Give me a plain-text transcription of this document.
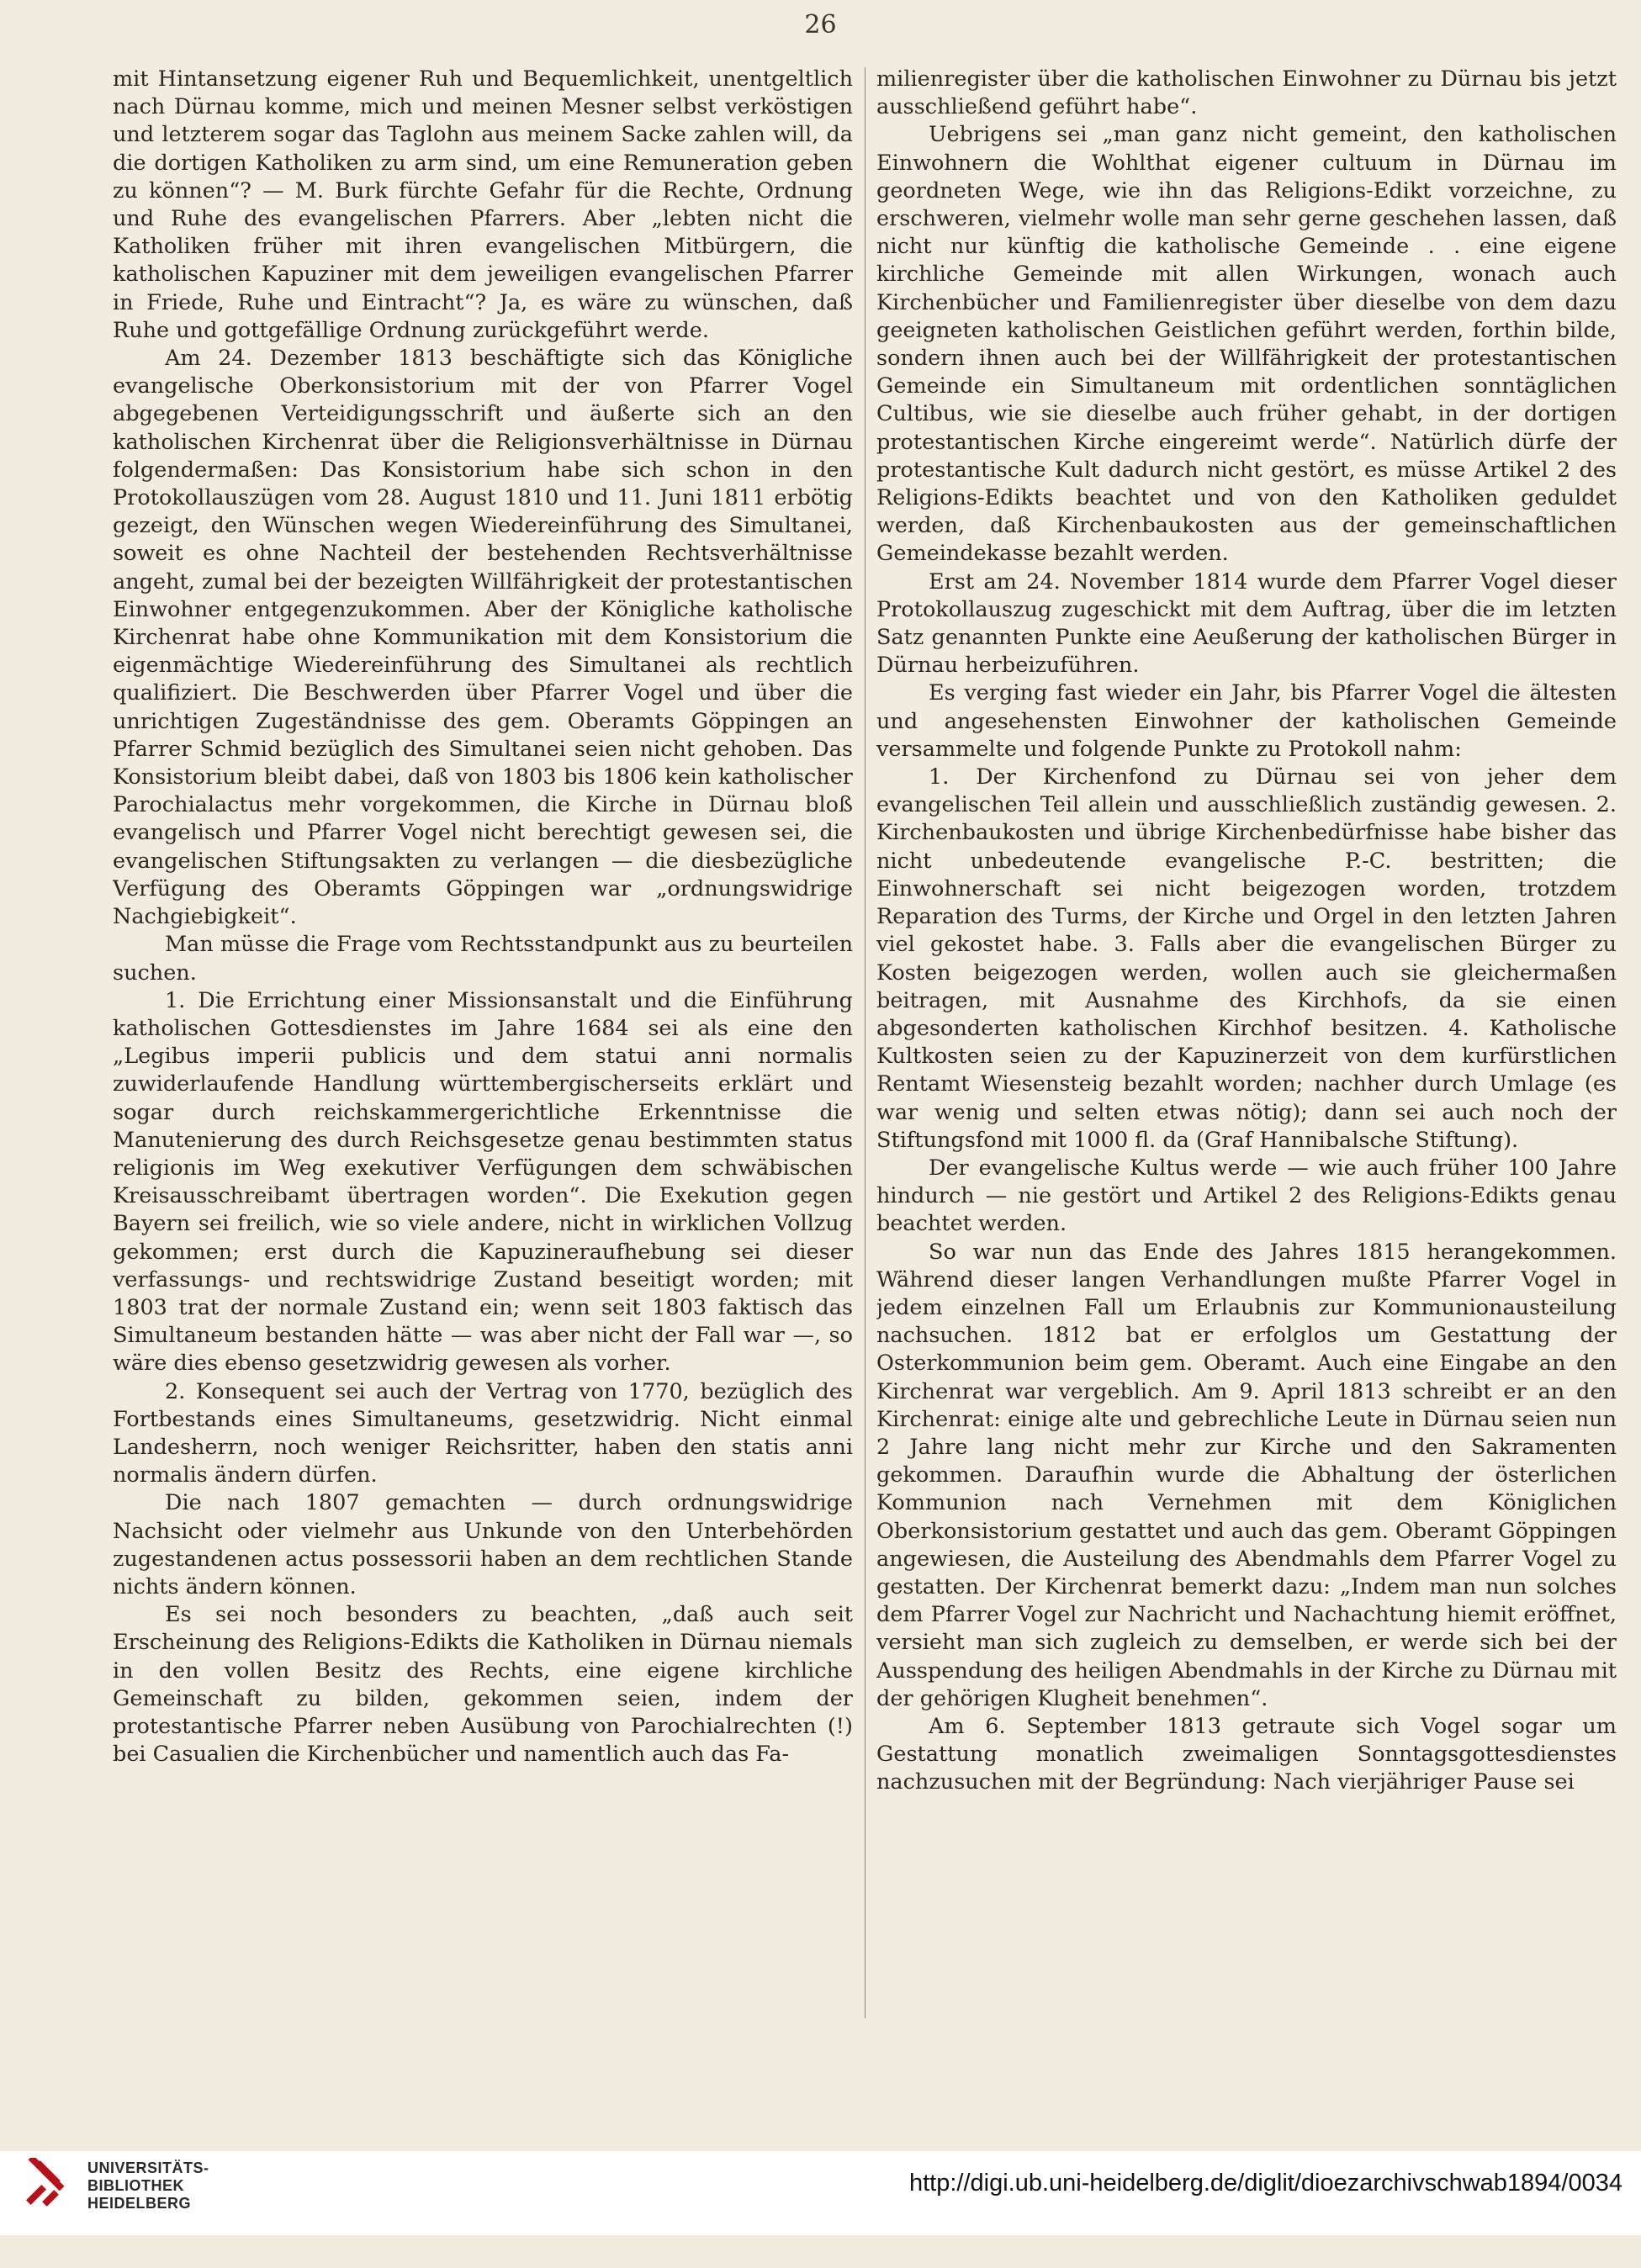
26

mit Hintansetzung eigener Ruh und Bequemlichkeit, unentgeltlich nach Dürnau komme, mich und meinen Mesner selbst verköstigen und letzterem sogar das Taglohn aus meinem Sacke zahlen will, da die dortigen Katholiken zu arm sind, um eine Remuneration geben zu können“? — M. Burk fürchte Gefahr für die Rechte, Ordnung und Ruhe des evangelischen Pfarrers. Aber „lebten nicht die Katholiken früher mit ihren evangelischen Mitbürgern, die katholischen Kapuziner mit dem jeweiligen evangelischen Pfarrer in Friede, Ruhe und Eintracht“? Ja, es wäre zu wünschen, daß Ruhe und gottgefällige Ordnung zurückgeführt werde.

Am 24. Dezember 1813 beschäftigte sich das Königliche evangelische Oberkonsistorium mit der von Pfarrer Vogel abgegebenen Verteidigungsschrift und äußerte sich an den katholischen Kirchenrat über die Religionsverhältnisse in Dürnau folgendermaßen: Das Konsistorium habe sich schon in den Protokollauszügen vom 28. August 1810 und 11. Juni 1811 erbötig gezeigt, den Wünschen wegen Wiedereinführung des Simultanei, soweit es ohne Nachteil der bestehenden Rechtsverhältnisse angeht, zumal bei der bezeigten Willfährigkeit der protestantischen Einwohner entgegenzukommen. Aber der Königliche katholische Kirchenrat habe ohne Kommunikation mit dem Konsistorium die eigenmächtige Wiedereinführung des Simultanei als rechtlich qualifiziert. Die Beschwerden über Pfarrer Vogel und über die unrichtigen Zugeständnisse des gem. Oberamts Göppingen an Pfarrer Schmid bezüglich des Simultanei seien nicht gehoben. Das Konsistorium bleibt dabei, daß von 1803 bis 1806 kein katholischer Parochialactus mehr vorgekommen, die Kirche in Dürnau bloß evangelisch und Pfarrer Vogel nicht berechtigt gewesen sei, die evangelischen Stiftungsakten zu verlangen — die diesbezügliche Verfügung des Oberamts Göppingen war „ordnungswidrige Nachgiebigkeit“.

Man müsse die Frage vom Rechtsstandpunkt aus zu beurteilen suchen.

1. Die Errichtung einer Missionsanstalt und die Einführung katholischen Gottesdienstes im Jahre 1684 sei als eine den „Legibus imperii publicis und dem statui anni normalis zuwiderlaufende Handlung württembergischerseits erklärt und sogar durch reichskammergerichtliche Erkenntnisse die Manutenierung des durch Reichsgesetze genau bestimmten status religionis im Weg exekutiver Verfügungen dem schwäbischen Kreisausschreibamt übertragen worden“. Die Exekution gegen Bayern sei freilich, wie so viele andere, nicht in wirklichen Vollzug gekommen; erst durch die Kapuzineraufhebung sei dieser verfassungs- und rechtswidrige Zustand beseitigt worden; mit 1803 trat der normale Zustand ein; wenn seit 1803 faktisch das Simultaneum bestanden hätte — was aber nicht der Fall war —, so wäre dies ebenso gesetzwidrig gewesen als vorher.

2. Konsequent sei auch der Vertrag von 1770, bezüglich des Fortbestands eines Simultaneums, gesetzwidrig. Nicht einmal Landesherrn, noch weniger Reichsritter, haben den statis anni normalis ändern dürfen.

Die nach 1807 gemachten — durch ordnungswidrige Nachsicht oder vielmehr aus Unkunde von den Unterbehörden zugestandenen actus possessorii haben an dem rechtlichen Stande nichts ändern können.

Es sei noch besonders zu beachten, „daß auch seit Erscheinung des Religions-Edikts die Katholiken in Dürnau niemals in den vollen Besitz des Rechts, eine eigene kirchliche Gemeinschaft zu bilden, gekommen seien, indem der protestantische Pfarrer neben Ausübung von Parochialrechten (!) bei Casualien die Kirchenbücher und namentlich auch das Fa-

milienregister über die katholischen Einwohner zu Dürnau bis jetzt ausschließend geführt habe“.

Uebrigens sei „man ganz nicht gemeint, den katholischen Einwohnern die Wohlthat eigener cultuum in Dürnau im geordneten Wege, wie ihn das Religions-Edikt vorzeichne, zu erschweren, vielmehr wolle man sehr gerne geschehen lassen, daß nicht nur künftig die katholische Gemeinde . . eine eigene kirchliche Gemeinde mit allen Wirkungen, wonach auch Kirchenbücher und Familienregister über dieselbe von dem dazu geeigneten katholischen Geistlichen geführt werden, forthin bilde, sondern ihnen auch bei der Willfährigkeit der protestantischen Gemeinde ein Simultaneum mit ordentlichen sonntäglichen Cultibus, wie sie dieselbe auch früher gehabt, in der dortigen protestantischen Kirche eingereimt werde“. Natürlich dürfe der protestantische Kult dadurch nicht gestört, es müsse Artikel 2 des Religions-Edikts beachtet und von den Katholiken geduldet werden, daß Kirchenbaukosten aus der gemeinschaftlichen Gemeindekasse bezahlt werden.

Erst am 24. November 1814 wurde dem Pfarrer Vogel dieser Protokollauszug zugeschickt mit dem Auftrag, über die im letzten Satz genannten Punkte eine Aeußerung der katholischen Bürger in Dürnau herbeizuführen.

Es verging fast wieder ein Jahr, bis Pfarrer Vogel die ältesten und angesehensten Einwohner der katholischen Gemeinde versammelte und folgende Punkte zu Protokoll nahm:

1. Der Kirchenfond zu Dürnau sei von jeher dem evangelischen Teil allein und ausschließlich zuständig gewesen. 2. Kirchenbaukosten und übrige Kirchenbedürfnisse habe bisher das nicht unbedeutende evangelische P.-C. bestritten; die Einwohnerschaft sei nicht beigezogen worden, trotzdem Reparation des Turms, der Kirche und Orgel in den letzten Jahren viel gekostet habe. 3. Falls aber die evangelischen Bürger zu Kosten beigezogen werden, wollen auch sie gleichermaßen beitragen, mit Ausnahme des Kirchhofs, da sie einen abgesonderten katholischen Kirchhof besitzen. 4. Katholische Kultkosten seien zu der Kapuzinerzeit von dem kurfürstlichen Rentamt Wiesensteig bezahlt worden; nachher durch Umlage (es war wenig und selten etwas nötig); dann sei auch noch der Stiftungsfond mit 1000 fl. da (Graf Hannibalsche Stiftung).

Der evangelische Kultus werde — wie auch früher 100 Jahre hindurch — nie gestört und Artikel 2 des Religions-Edikts genau beachtet werden.

So war nun das Ende des Jahres 1815 herangekommen. Während dieser langen Verhandlungen mußte Pfarrer Vogel in jedem einzelnen Fall um Erlaubnis zur Kommunionausteilung nachsuchen. 1812 bat er erfolglos um Gestattung der Osterkommunion beim gem. Oberamt. Auch eine Eingabe an den Kirchenrat war vergeblich. Am 9. April 1813 schreibt er an den Kirchenrat: einige alte und gebrechliche Leute in Dürnau seien nun 2 Jahre lang nicht mehr zur Kirche und den Sakramenten gekommen. Daraufhin wurde die Abhaltung der österlichen Kommunion nach Vernehmen mit dem Königlichen Oberkonsistorium gestattet und auch das gem. Oberamt Göppingen angewiesen, die Austeilung des Abendmahls dem Pfarrer Vogel zu gestatten. Der Kirchenrat bemerkt dazu: „Indem man nun solches dem Pfarrer Vogel zur Nachricht und Nachachtung hiemit eröffnet, versieht man sich zugleich zu demselben, er werde sich bei der Ausspendung des heiligen Abendmahls in der Kirche zu Dürnau mit der gehörigen Klugheit benehmen“.

Am 6. September 1813 getraute sich Vogel sogar um Gestattung monatlich zweimaligen Sonntagsgottesdienstes nachzusuchen mit der Begründung: Nach vierjähriger Pause sei

UNIVERSITÄTS-
BIBLIOTHEK
HEIDELBERG
http://digi.ub.uni-heidelberg.de/diglit/dioezarchivschwab1894/0034
